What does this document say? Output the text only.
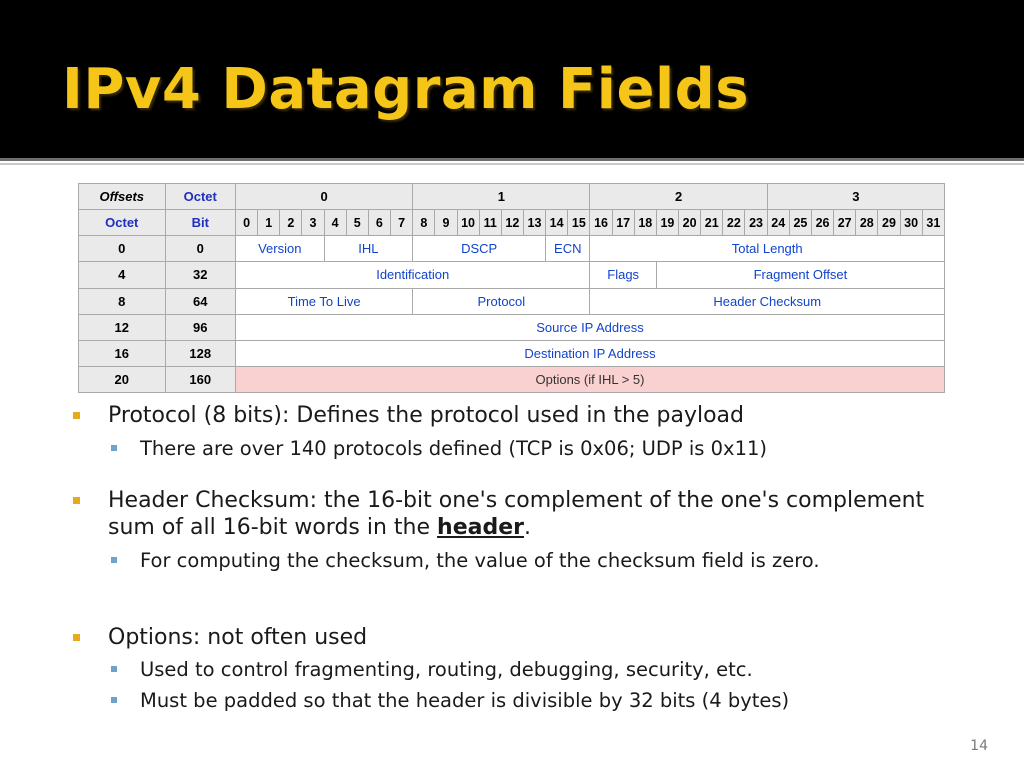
IPv4 Datagram Fields
Offsets	Octet	0								1								2								3							
Octet	Bit	0	1	2	3	4	5	6	7	8	9	10	11	12	13	14	15	16	17	18	19	20	21	22	23	24	25	26	27	28	29	30	31
0	0	Version				IHL				DSCP						ECN		Total Length															
4	32	Identification																Flags			Fragment Offset												
8	64	Time To Live								Protocol								Header Checksum															
12	96	Source IP Address																															
16	128	Destination IP Address																															
20	160	Options (if IHL > 5)																															
Protocol (8 bits): Defines the protocol used in the payload
There are over 140 protocols defined (TCP is 0x06; UDP is 0x11)
Header Checksum: the 16-bit one's complement of the one's complement sum of all 16-bit words in the header.
For computing the checksum, the value of the checksum field is zero.
Options: not often used
Used to control fragmenting, routing, debugging, security, etc.
Must be padded so that the header is divisible by 32 bits (4 bytes)
14
